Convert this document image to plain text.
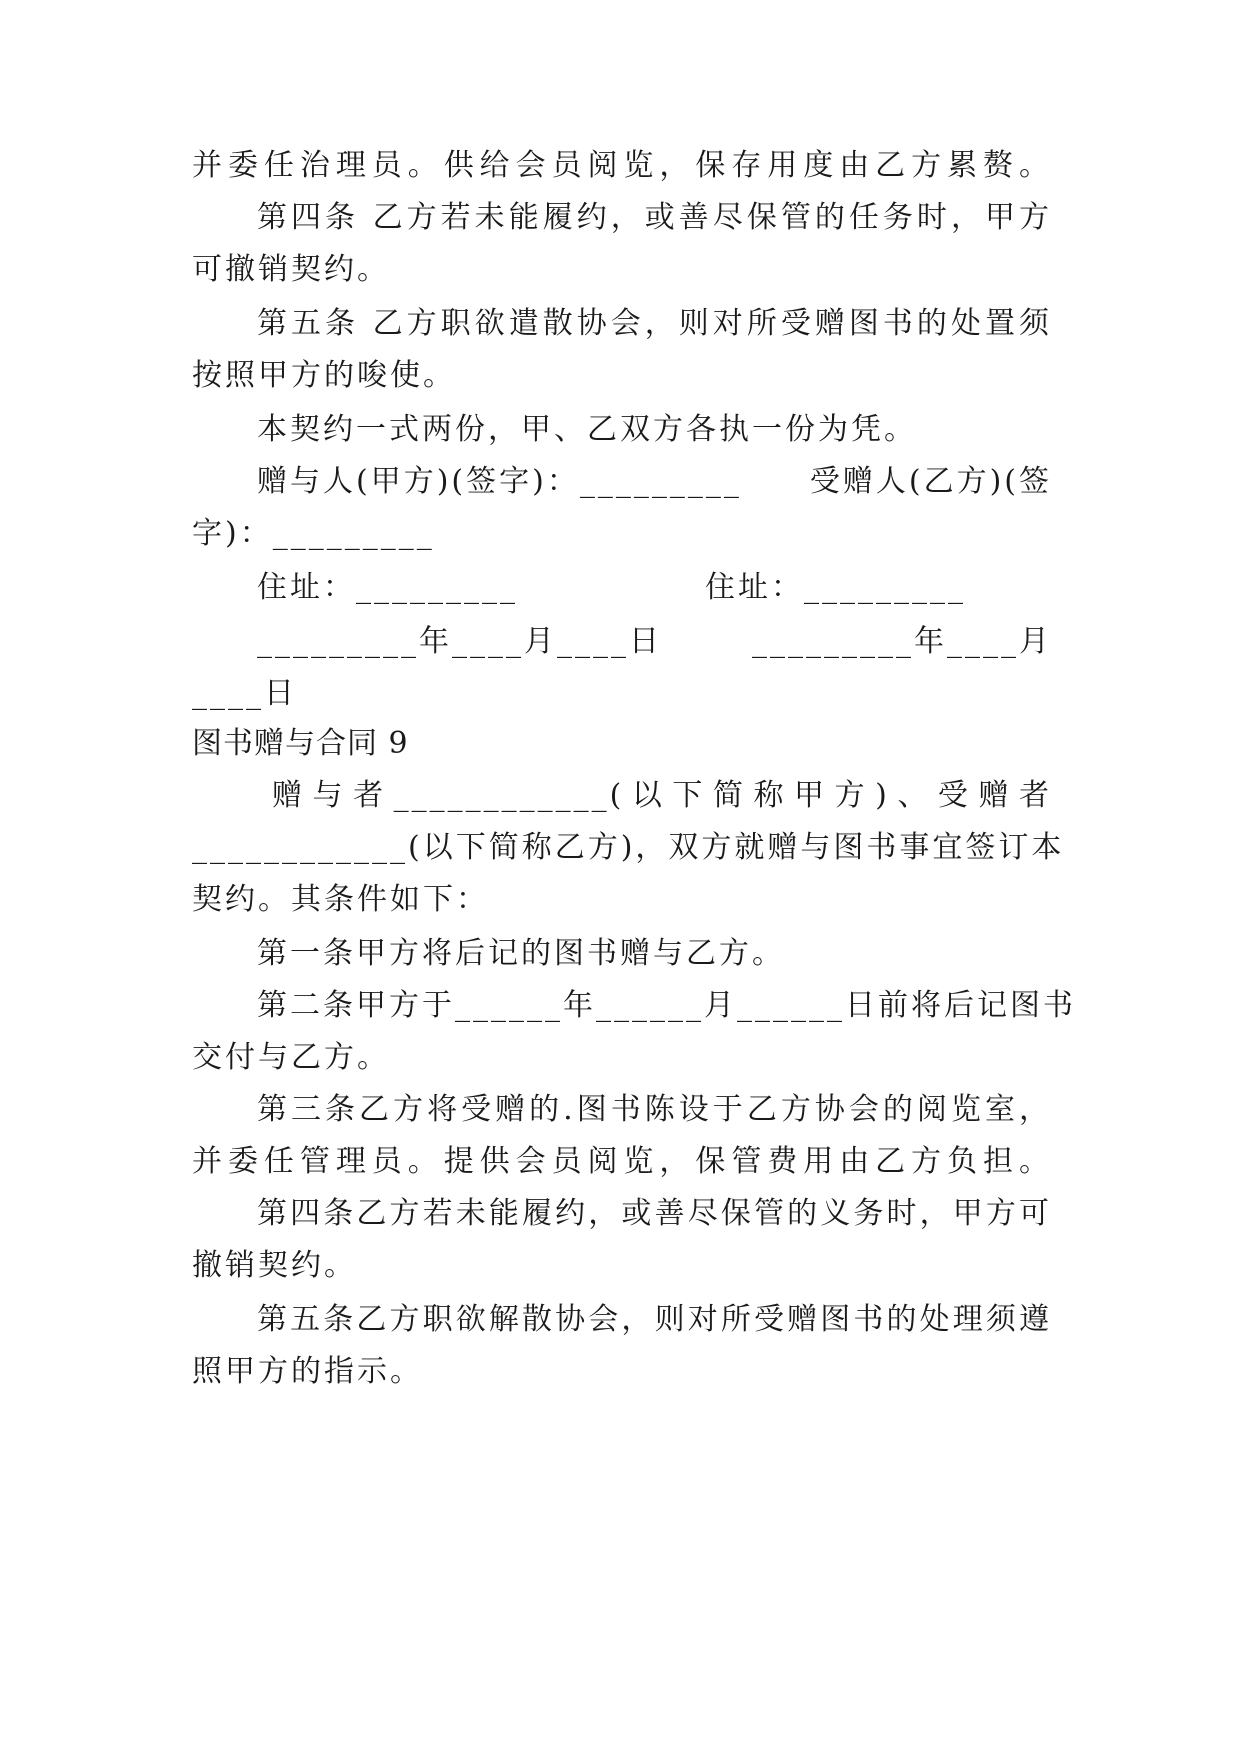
并委任治理员。供给会员阅览，保存用度由乙方累赘。
第四条 乙方若未能履约，或善尽保管的任务时，甲方
可撤销契约。
第五条 乙方职欲遣散协会，则对所受赠图书的处置须
按照甲方的唆使。
本契约一式两份，甲、乙双方各执一份为凭。
赠与人(甲方)(签字)：_________ 受赠人(乙方)(签
字)：_________
住址：_________	住址：_________
_________年____月____日	_________年____月
____日
图书赠与合同 9
赠与者____________(以下简称甲方)、受赠者
____________(以下简称乙方)，双方就赠与图书事宜签订本
契约。其条件如下：
第一条甲方将后记的图书赠与乙方。
第二条甲方于______年______月______日前将后记图书
交付与乙方。
第三条乙方将受赠的.图书陈设于乙方协会的阅览室，
并委任管理员。提供会员阅览，保管费用由乙方负担。
第四条乙方若未能履约，或善尽保管的义务时，甲方可
撤销契约。
第五条乙方职欲解散协会，则对所受赠图书的处理须遵
照甲方的指示。
